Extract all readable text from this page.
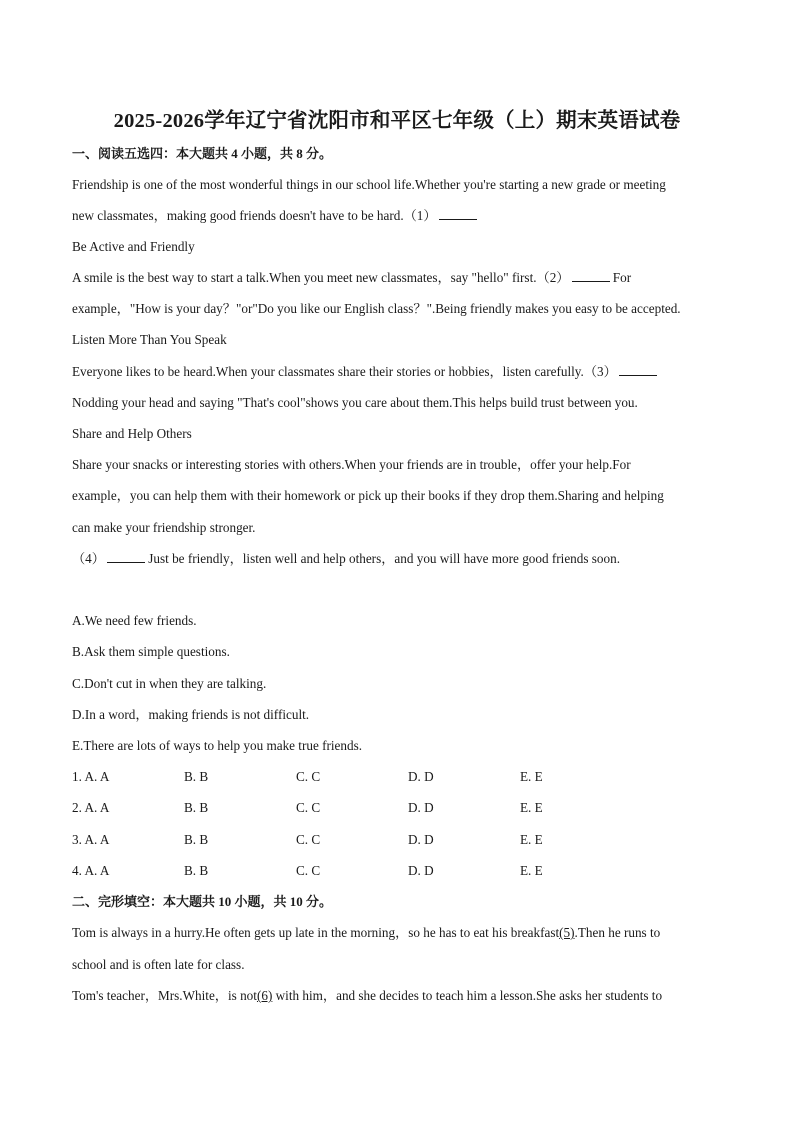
2025-2026学年辽宁省沈阳市和平区七年级（上）期末英语试卷
一、阅读五选四：本大题共 4 小题，共 8 分。
Friendship is one of the most wonderful things in our school life.Whether you're starting a new grade or meeting
new classmates，making good friends doesn't have to be hard.（1）
Be Active and Friendly
A smile is the best way to start a talk.When you meet new classmates，say "hello" first.（2）	For
example，"How is your day？"or"Do you like our English class？".Being friendly makes you easy to be accepted.
Listen More Than You Speak
Everyone likes to be heard.When your classmates share their stories or hobbies，listen carefully.（3）
Nodding your head and saying "That's cool"shows you care about them.This helps build trust between you.
Share and Help Others
Share your snacks or interesting stories with others.When your friends are in trouble，offer your help.For
example，you can help them with their homework or pick up their books if they drop them.Sharing and helping
can make your friendship stronger.
（4）	Just be friendly，listen well and help others，and you will have more good friends soon.
A.We need few friends.
B.Ask them simple questions.
C.Don't cut in when they are talking.
D.In a word，making friends is not difficult.
E.There are lots of ways to help you make true friends.
1. A. A	B. B	C. C	D. D	E. E
2. A. A	B. B	C. C	D. D	E. E
3. A. A	B. B	C. C	D. D	E. E
4. A. A	B. B	C. C	D. D	E. E
二、完形填空：本大题共 10 小题，共 10 分。
Tom is always in a hurry.He often gets up late in the morning，so he has to eat his breakfast(5).Then he runs to
school and is often late for class.
Tom's teacher，Mrs.White，is not(6) with him，and she decides to teach him a lesson.She asks her students to
